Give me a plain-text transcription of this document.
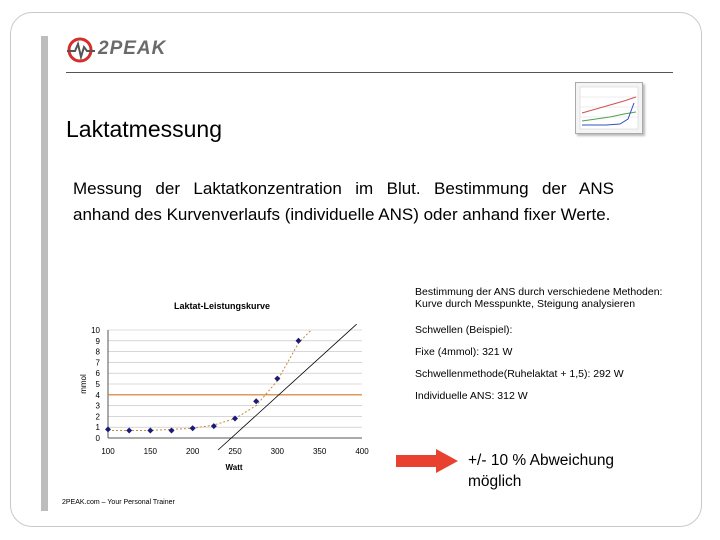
2PEAK
Laktatmessung
Messung der Laktatkonzentration im Blut. Bestimmung der ANS anhand des Kurvenverlaufs (individuelle ANS) oder anhand fixer Werte.
Laktat-Leistungskurve
0
1
2
3
4
5
6
7
8
9
10
100	150	200	250	300	350	400
Watt
mmol

Bestimmung der ANS durch verschiedene Methoden: Kurve durch Messpunkte, Steigung analysieren

Schwellen (Beispiel):

Fixe (4mmol): 321 W

Schwellenmethode(Ruhelaktat + 1,5): 292 W

Individuelle ANS: 312 W

+/- 10 % Abweichung
möglich
2PEAK.com – Your Personal Trainer
